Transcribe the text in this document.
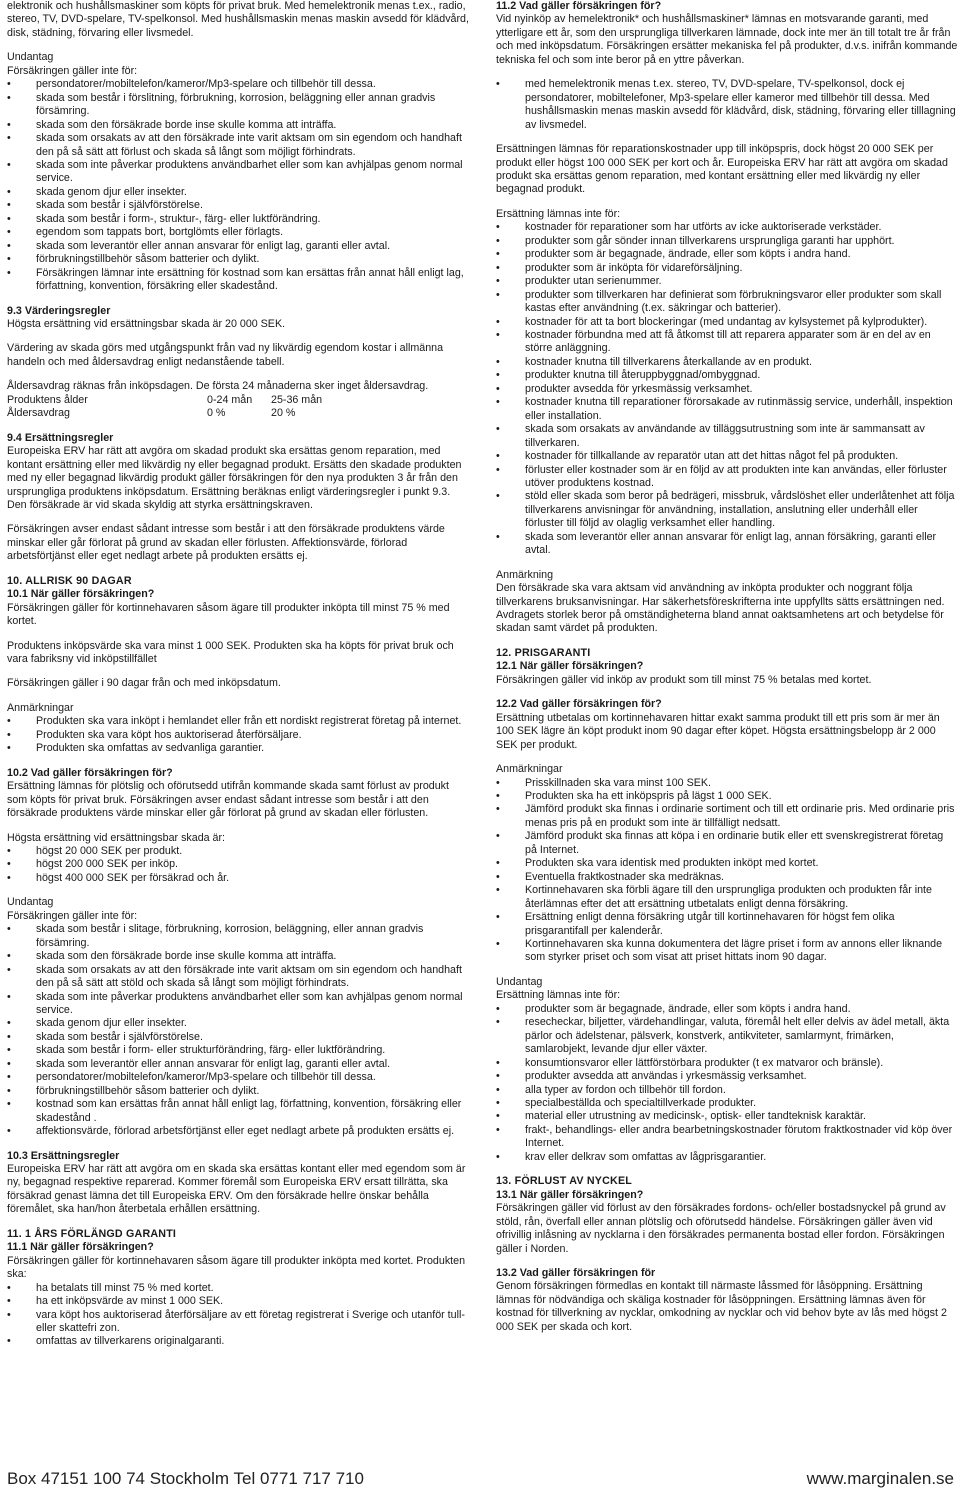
elektronik och hushållsmaskiner som köpts för privat bruk. Med hemelektronik menas t.ex., radio, stereo, TV, DVD-spelare, TV-spelkonsol. Med hushållsmaskin menas maskin avsedd för klädvård, disk, städning, förvaring eller livsmedel.
Undantag
Försäkringen gäller inte för:
• persondatorer/mobiltelefon/kameror/Mp3-spelare och tillbehör till dessa.
• skada som består i förslitning, förbrukning, korrosion, beläggning eller annan gradvis försämring.
• skada som den försäkrade borde inse skulle komma att inträffa.
• skada som orsakats av att den försäkrade inte varit aktsam om sin egendom och handhaft den på så sätt att förlust och skada så långt som möjligt förhindrats.
• skada som inte påverkar produktens användbarhet eller som kan avhjälpas genom normal service.
• skada genom djur eller insekter.
• skada som består i självförstörelse.
• skada som består i form-, struktur-, färg- eller luktförändring.
• egendom som tappats bort, bortglömts eller förlagts.
• skada som leverantör eller annan ansvarar för enligt lag, garanti eller avtal.
• förbrukningstillbehör såsom batterier och dylikt.
• Försäkringen lämnar inte ersättning för kostnad som kan ersättas från annat håll enligt lag, författning, konvention, försäkring eller skadestånd.
9.3 Värderingsregler
Högsta ersättning vid ersättningsbar skada är 20 000 SEK.
Värdering av skada görs med utgångspunkt från vad ny likvärdig egendom kostar i allmänna handeln och med åldersavdrag enligt nedanstående tabell.
Åldersavdrag räknas från inköpsdagen. De första 24 månaderna sker inget åldersavdrag.
Produktens ålder	0-24 mån	25-36 mån
Åldersavdrag	0 %	20 %
9.4 Ersättningsregler
Europeiska ERV har rätt att avgöra om skadad produkt ska ersättas genom reparation, med kontant ersättning eller med likvärdig ny eller begagnad produkt. Ersätts den skadade produkten med ny eller begagnad likvärdig produkt gäller försäkringen för den nya produkten 3 år från den ursprungliga produktens inköpsdatum. Ersättning beräknas enligt värderingsregler i punkt 9.3. Den försäkrade är vid skada skyldig att styrka ersättningskraven.
Försäkringen avser endast sådant intresse som består i att den försäkrade produktens värde minskar eller går förlorat på grund av skadan eller förlusten. Affektionsvärde, förlorad arbetsförtjänst eller eget nedlagt arbete på produkten ersätts ej.
10. ALLRISK 90 DAGAR
10.1 När gäller försäkringen?
Försäkringen gäller för kortinnehavaren såsom ägare till produkter inköpta till minst 75 % med kortet.
Produktens inköpsvärde ska vara minst 1 000 SEK. Produkten ska ha köpts för privat bruk och vara fabriksny vid inköpstillfället
Försäkringen gäller i 90 dagar från och med inköpsdatum.
Anmärkningar
• Produkten ska vara inköpt i hemlandet eller från ett nordiskt registrerat företag på internet.
• Produkten ska vara köpt hos auktoriserad återförsäljare.
• Produkten ska omfattas av sedvanliga garantier.
10.2 Vad gäller försäkringen för?
Ersättning lämnas för plötslig och oförutsedd utifrån kommande skada samt förlust av produkt som köpts för privat bruk. Försäkringen avser endast sådant intresse som består i att den försäkrade produktens värde minskar eller går förlorat på grund av skadan eller förlusten.
Högsta ersättning vid ersättningsbar skada är:
• högst 20 000 SEK per produkt.
• högst 200 000 SEK per inköp.
• högst 400 000 SEK per försäkrad och år.
Undantag
Försäkringen gäller inte för:
• skada som består i slitage, förbrukning, korrosion, beläggning, eller annan gradvis försämring.
• skada som den försäkrade borde inse skulle komma att inträffa.
• skada som orsakats av att den försäkrade inte varit aktsam om sin egendom och handhaft den på så sätt att stöld och skada så långt som möjligt förhindrats.
• skada som inte påverkar produktens användbarhet eller som kan avhjälpas genom normal service.
• skada genom djur eller insekter.
• skada som består i självförstörelse.
• skada som består i form- eller strukturförändring, färg- eller luktförändring.
• skada som leverantör eller annan ansvarar för enligt lag, garanti eller avtal.
• persondatorer/mobiltelefon/kameror/Mp3-spelare och tillbehör till dessa.
• förbrukningstillbehör såsom batterier och dylikt.
• kostnad som kan ersättas från annat håll enligt lag, författning, konvention, försäkring eller skadestånd .
• affektionsvärde, förlorad arbetsförtjänst eller eget nedlagt arbete på produkten ersätts ej.
10.3 Ersättningsregler
Europeiska ERV har rätt att avgöra om en skada ska ersättas kontant eller med egendom som är ny, begagnad respektive reparerad. Kommer föremål som Europeiska ERV ersatt tillrätta, ska försäkrad genast lämna det till Europeiska ERV. Om den försäkrade hellre önskar behålla föremålet, ska han/hon återbetala erhållen ersättning.
11. 1 ÅRS FÖRLÄNGD GARANTI
11.1 När gäller försäkringen?
Försäkringen gäller för kortinnehavaren såsom ägare till produkter inköpta med kortet. Produkten ska:
• ha betalats till minst 75 % med kortet.
• ha ett inköpsvärde av minst 1 000 SEK.
• vara köpt hos auktoriserad återförsäljare av ett företag registrerat i Sverige och utanför tull- eller skattefri zon.
• omfattas av tillverkarens originalgaranti.
11.2 Vad gäller försäkringen för?
Vid nyinköp av hemelektronik* och hushållsmaskiner* lämnas en motsvarande garanti, med ytterligare ett år, som den ursprungliga tillverkaren lämnade, dock inte mer än till totalt tre år från och med inköpsdatum. Försäkringen ersätter mekaniska fel på produkter, d.v.s. inifrån kommande tekniska fel och som inte beror på en yttre påverkan.
• med hemelektronik menas t.ex. stereo, TV, DVD-spelare, TV-spelkonsol, dock ej persondatorer, mobiltelefoner, Mp3-spelare eller kameror med tillbehör till dessa. Med hushållsmaskin menas maskin avsedd för klädvård, disk, städning, förvaring eller tilllagning av livsmedel.
Ersättningen lämnas för reparationskostnader upp till inköpspris, dock högst 20 000 SEK per produkt eller högst 100 000 SEK per kort och år. Europeiska ERV har rätt att avgöra om skadad produkt ska ersättas genom reparation, med kontant ersättning eller med likvärdig ny eller begagnad produkt.
Ersättning lämnas inte för:
• kostnader för reparationer som har utförts av icke auktoriserade verkstäder.
• produkter som går sönder innan tillverkarens ursprungliga garanti har upphört.
• produkter som är begagnade, ändrade, eller som köpts i andra hand.
• produkter som är inköpta för vidareförsäljning.
• produkter utan serienummer.
• produkter som tillverkaren har definierat som förbrukningsvaror eller produkter som skall kastas efter användning (t.ex. säkringar och batterier).
• kostnader för att ta bort blockeringar (med undantag av kylsystemet på kylprodukter).
• kostnader förbundna med att få åtkomst till att reparera apparater som är en del av en större anläggning.
• kostnader knutna till tillverkarens återkallande av en produkt.
• produkter knutna till återuppbyggnad/ombyggnad.
• produkter avsedda för yrkesmässig verksamhet.
• kostnader knutna till reparationer förorsakade av rutinmässig service, underhåll, inspektion eller installation.
• skada som orsakats av användande av tilläggsutrustning som inte är sammansatt av tillverkaren.
• kostnader för tillkallande av reparatör utan att det hittas något fel på produkten.
• förluster eller kostnader som är en följd av att produkten inte kan användas, eller förluster utöver produktens kostnad.
• stöld eller skada som beror på bedrägeri, missbruk, vårdslöshet eller underlåtenhet att följa tillverkarens anvisningar för användning, installation, anslutning eller underhåll eller förluster till följd av olaglig verksamhet eller handling.
• skada som leverantör eller annan ansvarar för enligt lag, annan försäkring, garanti eller avtal.
Anmärkning
Den försäkrade ska vara aktsam vid användning av inköpta produkter och noggrant följa tillverkarens bruksanvisningar. Har säkerhetsföreskrifterna inte uppfyllts sätts ersättningen ned. Avdragets storlek beror på omständigheterna bland annat oaktsamhetens art och betydelse för skadan samt värdet på produkten.
12. PRISGARANTI
12.1 När gäller försäkringen?
Försäkringen gäller vid inköp av produkt som till minst 75 % betalas med kortet.
12.2 Vad gäller försäkringen för?
Ersättning utbetalas om kortinnehavaren hittar exakt samma produkt till ett pris som är mer än 100 SEK lägre än köpt produkt inom 90 dagar efter köpet. Högsta ersättningsbelopp är 2 000 SEK per produkt.
Anmärkningar
• Prisskillnaden ska vara minst 100 SEK.
• Produkten ska ha ett inköpspris på lägst 1 000 SEK.
• Jämförd produkt ska finnas i ordinarie sortiment och till ett ordinarie pris. Med ordinarie pris menas pris på en produkt som inte är tillfälligt nedsatt.
• Jämförd produkt ska finnas att köpa i en ordinarie butik eller ett svenskregistrerat företag på Internet.
• Produkten ska vara identisk med produkten inköpt med kortet.
• Eventuella fraktkostnader ska medräknas.
• Kortinnehavaren ska förbli ägare till den ursprungliga produkten och produkten får inte återlämnas efter det att ersättning utbetalats enligt denna försäkring.
• Ersättning enligt denna försäkring utgår till kortinnehavaren för högst fem olika prisgarantifall per kalenderår.
• Kortinnehavaren ska kunna dokumentera det lägre priset i form av annons eller liknande som styrker priset och som visat att priset hittats inom 90 dagar.
Undantag
Ersättning lämnas inte för:
• produkter som är begagnade, ändrade, eller som köpts i andra hand.
• resecheckar, biljetter, värdehandlingar, valuta, föremål helt eller delvis av ädel metall, äkta pärlor och ädelstenar, pälsverk, konstverk, antikviteter, samlarmynt, frimärken, samlarobjekt, levande djur eller växter.
• konsumtionsvaror eller lättförstörbara produkter (t ex matvaror och bränsle).
• produkter avsedda att användas i yrkesmässig verksamhet.
• alla typer av fordon och tillbehör till fordon.
• specialbeställda och specialtillverkade produkter.
• material eller utrustning av medicinsk-, optisk- eller tandteknisk karaktär.
• frakt-, behandlings- eller andra bearbetningskostnader förutom fraktkostnader vid köp över Internet.
• krav eller delkrav som omfattas av lågprisgarantier.
13. FÖRLUST AV NYCKEL
13.1 När gäller försäkringen?
Försäkringen gäller vid förlust av den försäkrades fordons- och/eller bostadsnyckel på grund av stöld, rån, överfall eller annan plötslig och oförutsedd händelse. Försäkringen gäller även vid ofrivillig inlåsning av nycklarna i den försäkrades permanenta bostad eller fordon. Försäkringen gäller i Norden.
13.2 Vad gäller försäkringen för
Genom försäkringen förmedlas en kontakt till närmaste låssmed för låsöppning. Ersättning lämnas för nödvändiga och skäliga kostnader för låsöppningen. Ersättning lämnas även för kostnad för tillverkning av nycklar, omkodning av nycklar och vid behov byte av lås med högst 2 000 SEK per skada och kort.
Box 47151 100 74 Stockholm Tel 0771 717 710	www.marginalen.se
